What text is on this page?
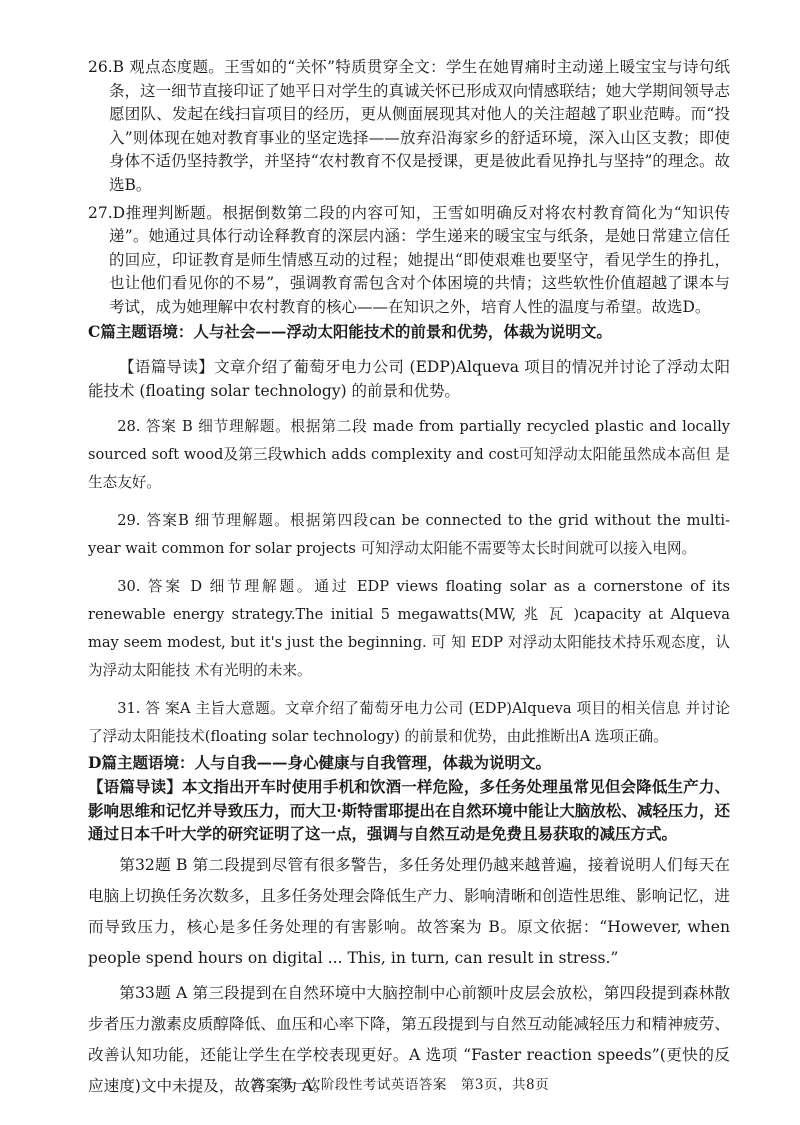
26.B 观点态度题。王雪如的“关怀”特质贯穿全文：学生在她胃痛时主动递上暖宝宝与诗句纸条，这一细节直接印证了她平日对学生的真诚关怀已形成双向情感联结；她大学期间领导志愿团队、发起在线扫盲项目的经历，更从侧面展现其对他人的关注超越了职业范畴。而“投入”则体现在她对教育事业的坚定选择——放弃沿海家乡的舒适环境，深入山区支教；即使身体不适仍坚持教学，并坚持“农村教育不仅是授课，更是彼此看见挣扎与坚持”的理念。故选B。

27.D推理判断题。根据倒数第二段的内容可知，王雪如明确反对将农村教育简化为“知识传递”。她通过具体行动诠释教育的深层内涵：学生递来的暖宝宝与纸条，是她日常建立信任的回应，印证教育是师生情感互动的过程；她提出“即使艰难也要坚守，看见学生的挣扎，也让他们看见你的不易”，强调教育需包含对个体困境的共情；这些软性价值超越了课本与考试，成为她理解中农村教育的核心——在知识之外，培育人性的温度与希望。故选D。

C篇主题语境：人与社会——浮动太阳能技术的前景和优势，体裁为说明文。

【语篇导读】文章介绍了葡萄牙电力公司 (EDP)Alqueva 项目的情况并讨论了浮动太阳能技术 (floating solar technology) 的前景和优势。

28. 答案 B 细节理解题。根据第二段 made from partially recycled plastic and locally sourced soft wood及第三段which adds complexity and cost可知浮动太阳能虽然成本高但 是生态友好。

29. 答案B 细节理解题。根据第四段can be connected to the grid without the multi-year wait common for solar projects 可知浮动太阳能不需要等太长时间就可以接入电网。

30. 答案 D 细节理解题。通过 EDP views floating solar as a cornerstone of its renewable energy strategy.The initial 5 megawatts(MW, 兆 瓦 )capacity at Alqueva may seem modest, but it's just the beginning. 可 知 EDP 对浮动太阳能技术持乐观态度，认为浮动太阳能技 术有光明的未来。

31. 答 案A 主旨大意题。文章介绍了葡萄牙电力公司 (EDP)Alqueva 项目的相关信息 并讨论了浮动太阳能技术(floating solar technology) 的前景和优势，由此推断出A 选项正确。

D篇主题语境：人与自我——身心健康与自我管理，体裁为说明文。

【语篇导读】本文指出开车时使用手机和饮酒一样危险，多任务处理虽常见但会降低生产力、影响思维和记忆并导致压力，而大卫·斯特雷耶提出在自然环境中能让大脑放松、减轻压力，还通过日本千叶大学的研究证明了这一点，强调与自然互动是免费且易获取的减压方式。

第32题 B 第二段提到尽管有很多警告，多任务处理仍越来越普遍，接着说明人们每天在电脑上切换任务次数多，且多任务处理会降低生产力、影响清晰和创造性思维、影响记忆，进而导致压力，核心是多任务处理的有害影响。故答案为 B。原文依据：“However, when people spend hours on digital ... This, in turn, can result in stress.”

第33题 A 第三段提到在自然环境中大脑控制中心前额叶皮层会放松，第四段提到森林散步者压力激素皮质醇降低、血压和心率下降，第五段提到与自然互动能减轻压力和精神疲劳、改善认知功能，还能让学生在学校表现更好。A 选项 “Faster reaction speeds”(更快的反应速度)文中未提及，故答案为 A。

高二第一次阶段性考试英语答案　第3页，共8页
